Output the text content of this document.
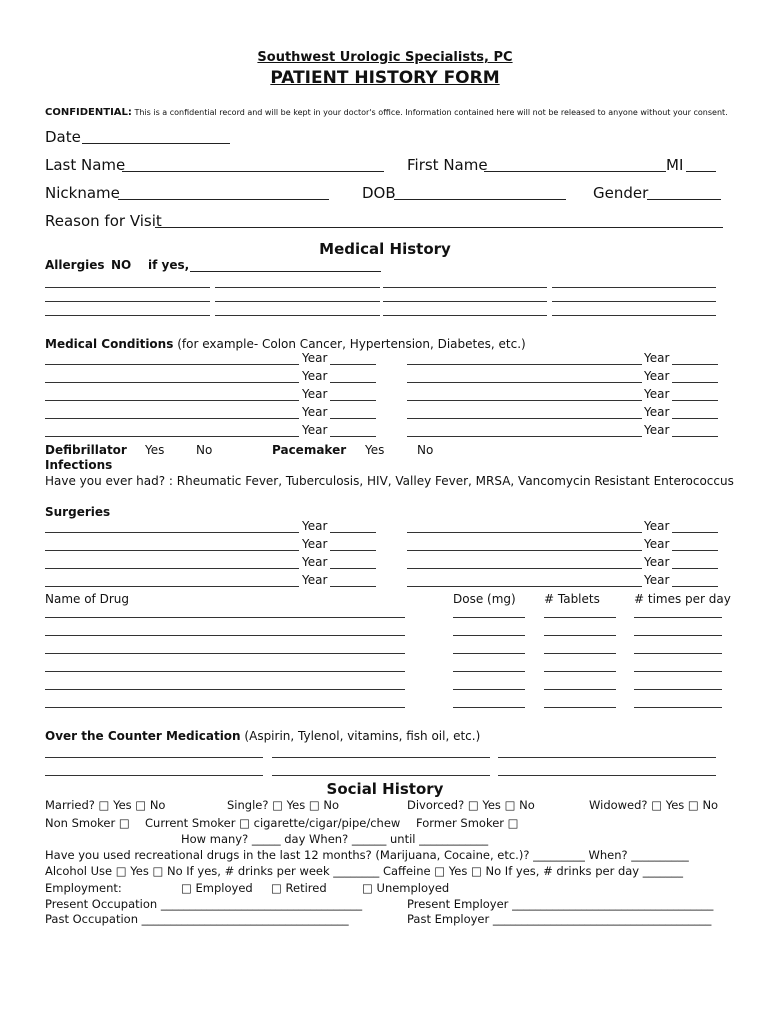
Southwest Urologic Specialists, PC
PATIENT HISTORY FORM
CONFIDENTIAL: This is a confidential record and will be kept in your doctor's office. Information contained here will not be released to anyone without your consent.
Date
Last Name	First Name	MI
Nickname	DOB	Gender
Reason for Visit
Medical History
Allergies NO if yes,
Medical Conditions (for example- Colon Cancer, Hypertension, Diabetes, etc.)
Year	Year
Year	Year
Year	Year
Year	Year
Year	Year
Defibrillator Yes	No	Pacemaker Yes	No
Infections
Have you ever had? : Rheumatic Fever, Tuberculosis, HIV, Valley Fever, MRSA, Vancomycin Resistant Enterococcus
Surgeries
Year	Year
Year	Year
Year	Year
Year	Year
Name of Drug	Dose (mg) # Tablets	# times per day
Over the Counter Medication (Aspirin, Tylenol, vitamins, fish oil, etc.)
Social History
Married? □ Yes □ No	Single? □ Yes □ No	Divorced? □ Yes □ No	Widowed? □ Yes □ No
Non Smoker □ Current Smoker □ cigarette/cigar/pipe/chew Former Smoker □
How many? _____ day When? ______ until ____________
Have you used recreational drugs in the last 12 months? (Marijuana, Cocaine, etc.)? _________ When? __________
Alcohol Use □ Yes □ No If yes, # drinks per week ________ Caffeine □ Yes □ No If yes, # drinks per day _______
Employment:	□ Employed □ Retired	□ Unemployed
Present Occupation ___________________________________	Present Employer ___________________________________
Past Occupation ____________________________________	Past Employer ______________________________________
